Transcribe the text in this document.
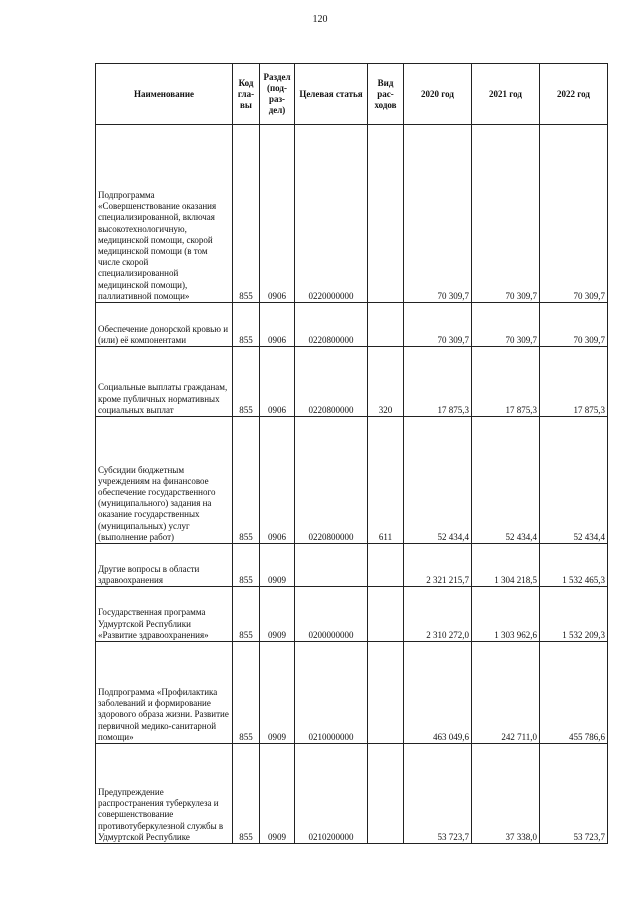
120
Наименование	Код гла- вы	Раздел (под- раз- дел)	Целевая статья	Вид рас- ходов	2020 год	2021 год	2022 год
Подпрограмма «Совершенствование оказания специализированной, включая высокотехнологичную, медицинской помощи, скорой медицинской помощи (в том числе скорой специализированной медицинской помощи), паллиативной помощи»	855	0906	0220000000		70 309,7	70 309,7	70 309,7
Обеспечение донорской кровью и (или) её компонентами	855	0906	0220800000		70 309,7	70 309,7	70 309,7
Социальные выплаты гражданам, кроме публичных нормативных социальных выплат	855	0906	0220800000	320	17 875,3	17 875,3	17 875,3
Субсидии бюджетным учреждениям на финансовое обеспечение государственного (муниципального) задания на оказание государственных (муниципальных) услуг (выполнение работ)	855	0906	0220800000	611	52 434,4	52 434,4	52 434,4
Другие вопросы в области здравоохранения	855	0909			2 321 215,7	1 304 218,5	1 532 465,3
Государственная программа Удмуртской Республики «Развитие здравоохранения»	855	0909	0200000000		2 310 272,0	1 303 962,6	1 532 209,3
Подпрограмма «Профилактика заболеваний и формирование здорового образа жизни. Развитие первичной медико-санитарной помощи»	855	0909	0210000000		463 049,6	242 711,0	455 786,6
Предупреждение распространения туберкулеза и совершенствование противотуберкулезной службы в Удмуртской Республике	855	0909	0210200000		53 723,7	37 338,0	53 723,7
